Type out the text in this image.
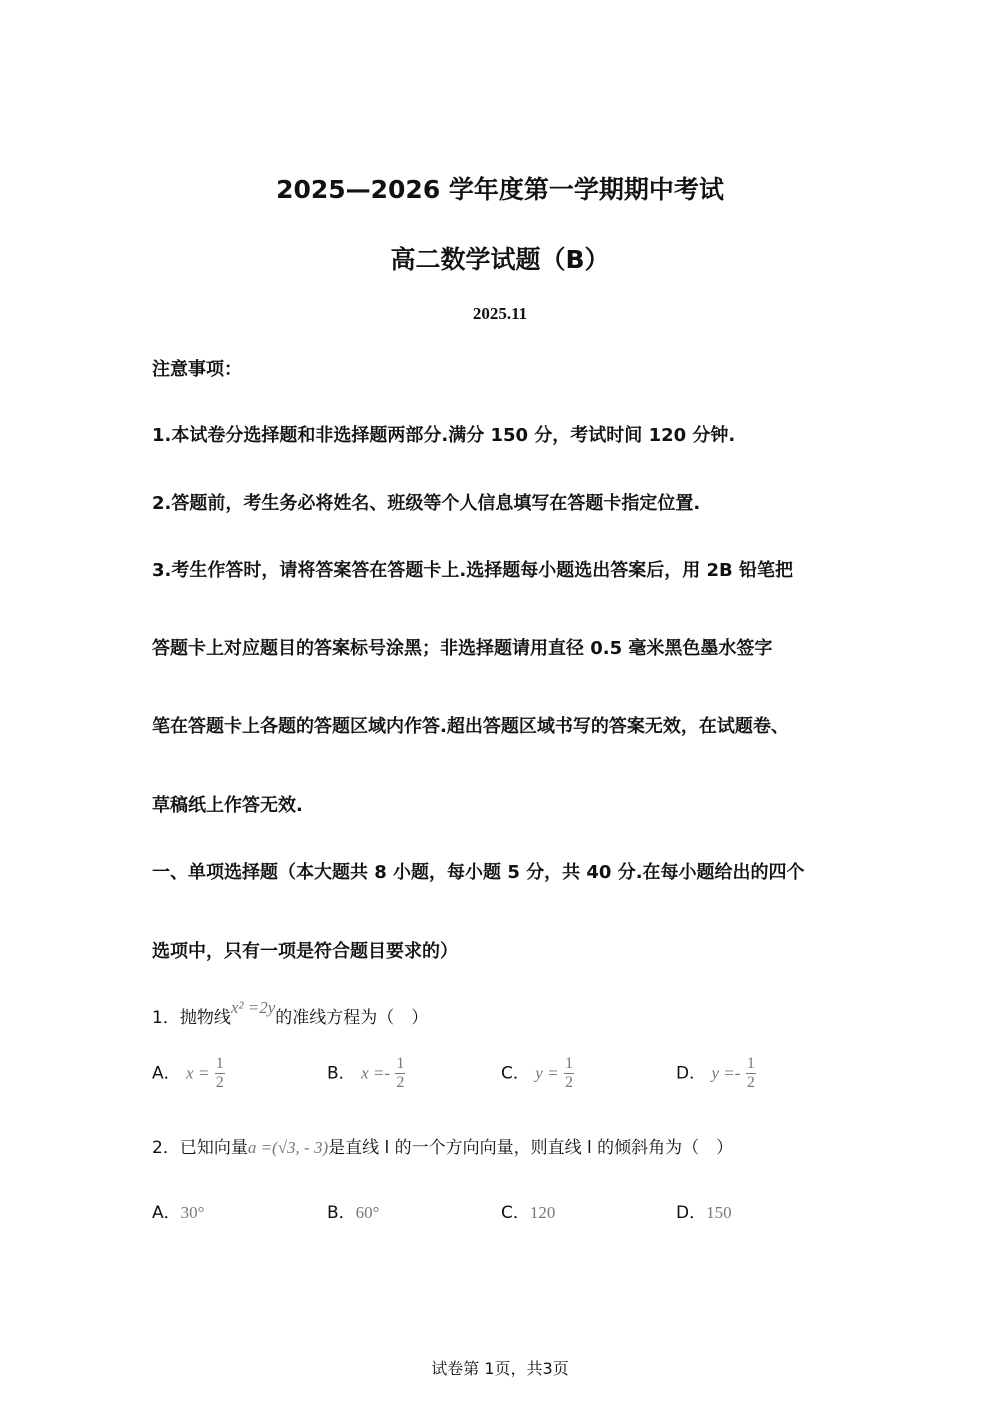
2025—2026 学年度第一学期期中考试
高二数学试题（B）
2025.11
注意事项：
1.本试卷分选择题和非选择题两部分.满分 150 分，考试时间 120 分钟.
2.答题前，考生务必将姓名、班级等个人信息填写在答题卡指定位置.
3.考生作答时，请将答案答在答题卡上.选择题每小题选出答案后，用 2B 铅笔把
答题卡上对应题目的答案标号涂黑；非选择题请用直径 0.5 毫米黑色墨水签字
笔在答题卡上各题的答题区域内作答.超出答题区域书写的答案无效，在试题卷、
草稿纸上作答无效.
一、单项选择题（本大题共 8 小题，每小题 5 分，共 40 分.在每小题给出的四个
选项中，只有一项是符合题目要求的）
1．抛物线x² =2y的准线方程为（　）
A． $x = \frac{1}{2}$	B． $x =- \frac{1}{2}$	C． $y = \frac{1}{2}$	D． $y =- \frac{1}{2}$
2．已知向量a =(√3, - 3)是直线 l 的一个方向向量，则直线 l 的倾斜角为（　）
A．30°	B．60°	C．120	D．150
试卷第 1页，共3页
